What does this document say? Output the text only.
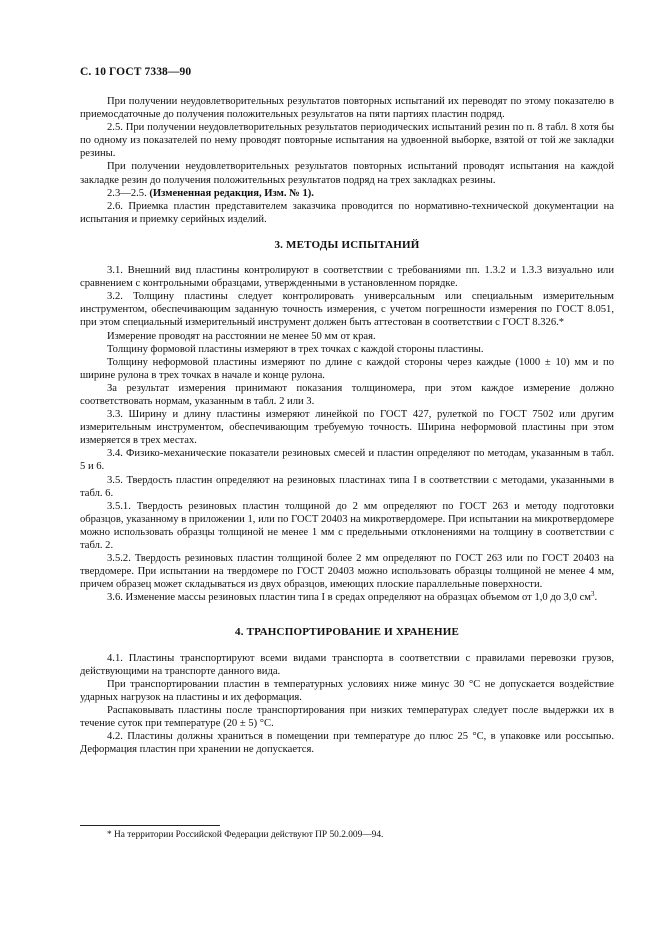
С. 10 ГОСТ 7338—90

При получении неудовлетворительных результатов повторных испытаний их переводят по этому показателю в приемосдаточные до получения положительных результатов на пяти партиях пластин подряд.

2.5. При получении неудовлетворительных результатов периодических испытаний резин по п. 8 табл. 8 хотя бы по одному из показателей по нему проводят повторные испытания на удвоенной выборке, взятой от той же закладки резины.

При получении неудовлетворительных результатов повторных испытаний проводят испытания на каждой закладке резин до получения положительных результатов подряд на трех закладках резины.

2.3—2.5. (Измененная редакция, Изм. № 1).

2.6. Приемка пластин представителем заказчика проводится по нормативно-технической документации на испытания и приемку серийных изделий.

3. МЕТОДЫ ИСПЫТАНИЙ

3.1. Внешний вид пластины контролируют в соответствии с требованиями пп. 1.3.2 и 1.3.3 визуально или сравнением с контрольными образцами, утвержденными в установленном порядке.

3.2. Толщину пластины следует контролировать универсальным или специальным измерительным инструментом, обеспечивающим заданную точность измерения, с учетом погрешности измерения по ГОСТ 8.051, при этом специальный измерительный инструмент должен быть аттестован в соответствии с ГОСТ 8.326.*

Измерение проводят на расстоянии не менее 50 мм от края.

Толщину формовой пластины измеряют в трех точках с каждой стороны пластины.

Толщину неформовой пластины измеряют по длине с каждой стороны через каждые (1000 ± 10) мм и по ширине рулона в трех точках в начале и конце рулона.

За результат измерения принимают показания толщиномера, при этом каждое измерение должно соответствовать нормам, указанным в табл. 2 или 3.

3.3. Ширину и длину пластины измеряют линейкой по ГОСТ 427, рулеткой по ГОСТ 7502 или другим измерительным инструментом, обеспечивающим требуемую точность. Ширина неформовой пластины при этом измеряется в трех местах.

3.4. Физико-механические показатели резиновых смесей и пластин определяют по методам, указанным в табл. 5 и 6.

3.5. Твердость пластин определяют на резиновых пластинах типа I в соответствии с методами, указанными в табл. 6.

3.5.1. Твердость резиновых пластин толщиной до 2 мм определяют по ГОСТ 263 и методу подготовки образцов, указанному в приложении 1, или по ГОСТ 20403 на микротвердомере. При испытании на микротвердомере можно использовать образцы толщиной не менее 1 мм с предельными отклонениями на толщину в соответствии с табл. 2.

3.5.2. Твердость резиновых пластин толщиной более 2 мм определяют по ГОСТ 263 или по ГОСТ 20403 на твердомере. При испытании на твердомере по ГОСТ 20403 можно использовать образцы толщиной не менее 4 мм, причем образец может складываться из двух образцов, имеющих плоские параллельные поверхности.

3.6. Изменение массы резиновых пластин типа I в средах определяют на образцах объемом от 1,0 до 3,0 $см^3$.

4. ТРАНСПОРТИРОВАНИЕ И ХРАНЕНИЕ

4.1. Пластины транспортируют всеми видами транспорта в соответствии с правилами перевозки грузов, действующими на транспорте данного вида.

При транспортировании пластин в температурных условиях ниже минус 30 °С не допускается воздействие ударных нагрузок на пластины и их деформация.

Распаковывать пластины после транспортирования при низких температурах следует после выдержки их в течение суток при температуре (20 ± 5) °С.

4.2. Пластины должны храниться в помещении при температуре до плюс 25 °С, в упаковке или россыпью. Деформация пластин при хранении не допускается.

* На территории Российской Федерации действуют ПР 50.2.009—94.
